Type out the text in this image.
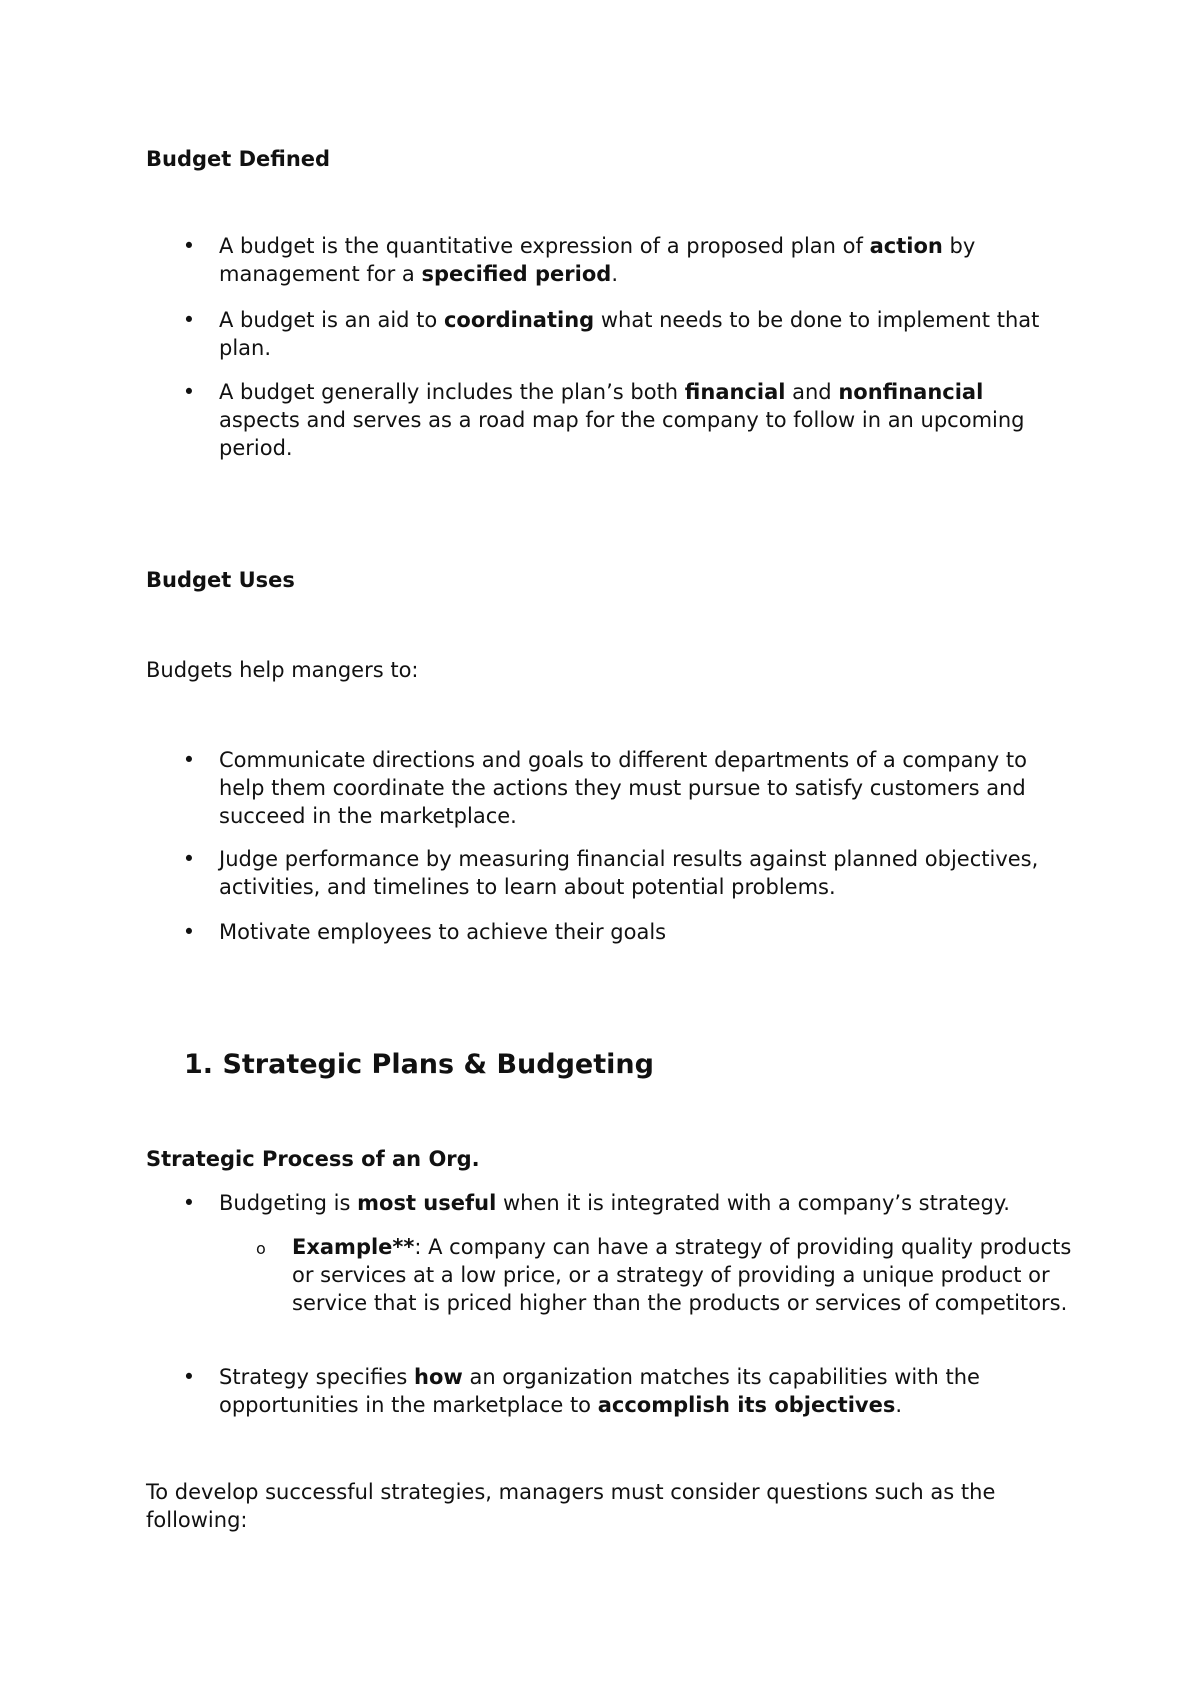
Budget Defined

• A budget is the quantitative expression of a proposed plan of action by management for a specified period.
• A budget is an aid to coordinating what needs to be done to implement that plan.
• A budget generally includes the plan’s both financial and nonfinancial aspects and serves as a road map for the company to follow in an upcoming period.

Budget Uses

Budgets help mangers to:

• Communicate directions and goals to different departments of a company to help them coordinate the actions they must pursue to satisfy customers and succeed in the marketplace.
• Judge performance by measuring financial results against planned objectives, activities, and timelines to learn about potential problems.
• Motivate employees to achieve their goals

1. Strategic Plans & Budgeting

Strategic Process of an Org.

• Budgeting is most useful when it is integrated with a company’s strategy.
o Example**: A company can have a strategy of providing quality products or services at a low price, or a strategy of providing a unique product or service that is priced higher than the products or services of competitors.
• Strategy specifies how an organization matches its capabilities with the opportunities in the marketplace to accomplish its objectives.

To develop successful strategies, managers must consider questions such as the following:
